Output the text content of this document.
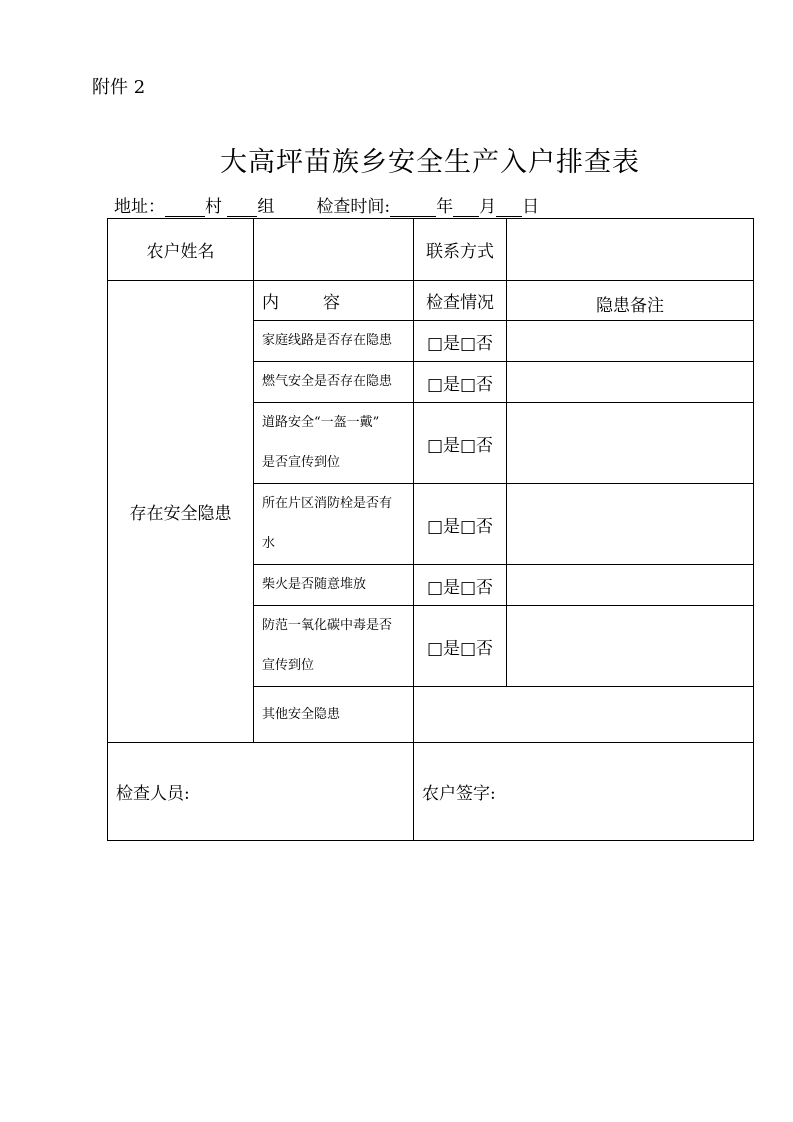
附件 2
大高坪苗族乡安全生产入户排查表
地址： 村 组 检查时间:	年 月 日
农户姓名		联系方式	
存在安全隐患	内 容	检查情况	隐患备注
	家庭线路是否存在隐患	□是□否	
	燃气安全是否存在隐患	□是□否	

	道路安全“一盔一戴”
是否宣传到位	□是□否	

	所在片区消防栓是否有
水	□是□否	
	柴火是否随意堆放	□是□否	

	防范一氧化碳中毒是否
宣传到位	□是□否	
	其他安全隐患		
检查人员:		农户签字:	
